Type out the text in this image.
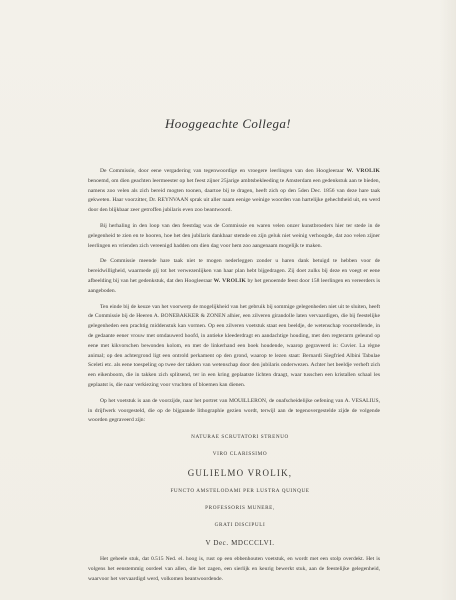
Hooggeachte Collega!

De Commissie, door eene vergadering van tegenwoordige en vroegere leerlingen van den Hoogleeraar W. VROLIK benoemd, om dien geachten leermeester op het feest zijner 25jarige ambtsbekleeding te Amsterdam een gedenkstuk aan te bieden, namens zoo velen als zich bereid mogten toonen, daartoe bij te dragen, heeft zich op den 5den Dec. 1856 van deze hare taak gekweten. Haar voorzitter, Dr. REYNVAAN sprak uit aller naam eenige weinige woorden van hartelijke gehechtheid uit, en werd door den blijkbaar zeer getroffen jubilaris even zoo beantwoord.

Bij herhaling in den loop van den feestdag was de Commissie en waren velen onzer kunstbroeders hier ter stede in de gelegenheid te zien en te hooren, hoe het den jubilaris dankbaar stemde en zijn geluk niet weinig verhoogde, dat zoo velen zijner leerlingen en vrienden zich vereenigd hadden om dien dag voor hem zoo aangenaam mogelijk te maken.

De Commissie meende hare taak niet te mogen nederleggen zonder u haren dank betuigd te hebben voor de bereidwilligheid, waarmede gij tot het verwezenlijken van haar plan hebt bijgedragen. Zij doet zulks bij deze en voegt er eene afbeelding bij van het gedenkstuk, dat den Hoogleeraar W. VROLIK by het genoemde feest door 158 leerlingen en vereerders is aangeboden.

Ten einde bij de keuze van het voorwerp de mogelijkheid van het gebruik bij sommige gelegenheden niet uit te sluiten, heeft de Commissie bij de Heeren A. BONEBAKKER & ZONEN alhier, een zilveren girandolle laten vervaardigen, die bij feestelijke gelegenheden een prachtig middenstuk kan vormen. Op een zilveren voetstuk staat een beeldje, de wetenschap voorstellende, in de gedaante eener vrouw met omdauwerd hoofd, in antieke kleederdragt en aandachtige houding, met den regterarm geleund op eene met kikvorschen bewonden kolom, en met de linkerhand een boek houdende, waarop gegraveerd is: Cuvier. La règne animal; op den achtergrond ligt een ontrold perkament op den grond, waarop te lezen staat: Bernardi Siegfried Albini Tabulae Sceleti etc. als eene toespeling op twee der takken van wetenschap door den jubilaris onderwezen. Achter het beeldje verheft zich een eikenboom, die in takken zich splitsend, ter in een kring geplaatste lichten draagt, waar tusschen een kristallen schaal les geplaatst is, die naar verkiezing voor vruchten of bloemen kan dienen.

Op het voetstuk is aan de voorzijde, naar het portret van MOUILLERON, de onafscheidelijke oefening van A. VESALIUS, in drijfwerk voorgesteld, die op de bijgaande lithographie gezien wordt, terwijl aan de tegenovergestelde zijde de volgende woorden gegraveerd zijn:

NATURAE SCRUTATORI STRENUO

VIRO CLARISSIMO

GULIELMO VROLIK,

FUNCTO AMSTELODAMI PER LUSTRA QUINQUE

PROFESSORIS MUNERE,

GRATI DISCIPULI

V Dec. MDCCCLVI.

Het geheele stuk, dat 0.515 Ned. el. hoog is, rust op een ebbenhouten voetstuk, en wordt met een stolp overdekt. Het is volgens het eenstemmig oordeel van allen, die het zagen, een sierlijk en keurig bewerkt stuk, aan de feestelijke gelegenheid, waarvoor het vervaardigd werd, volkomen beantwoordende.
